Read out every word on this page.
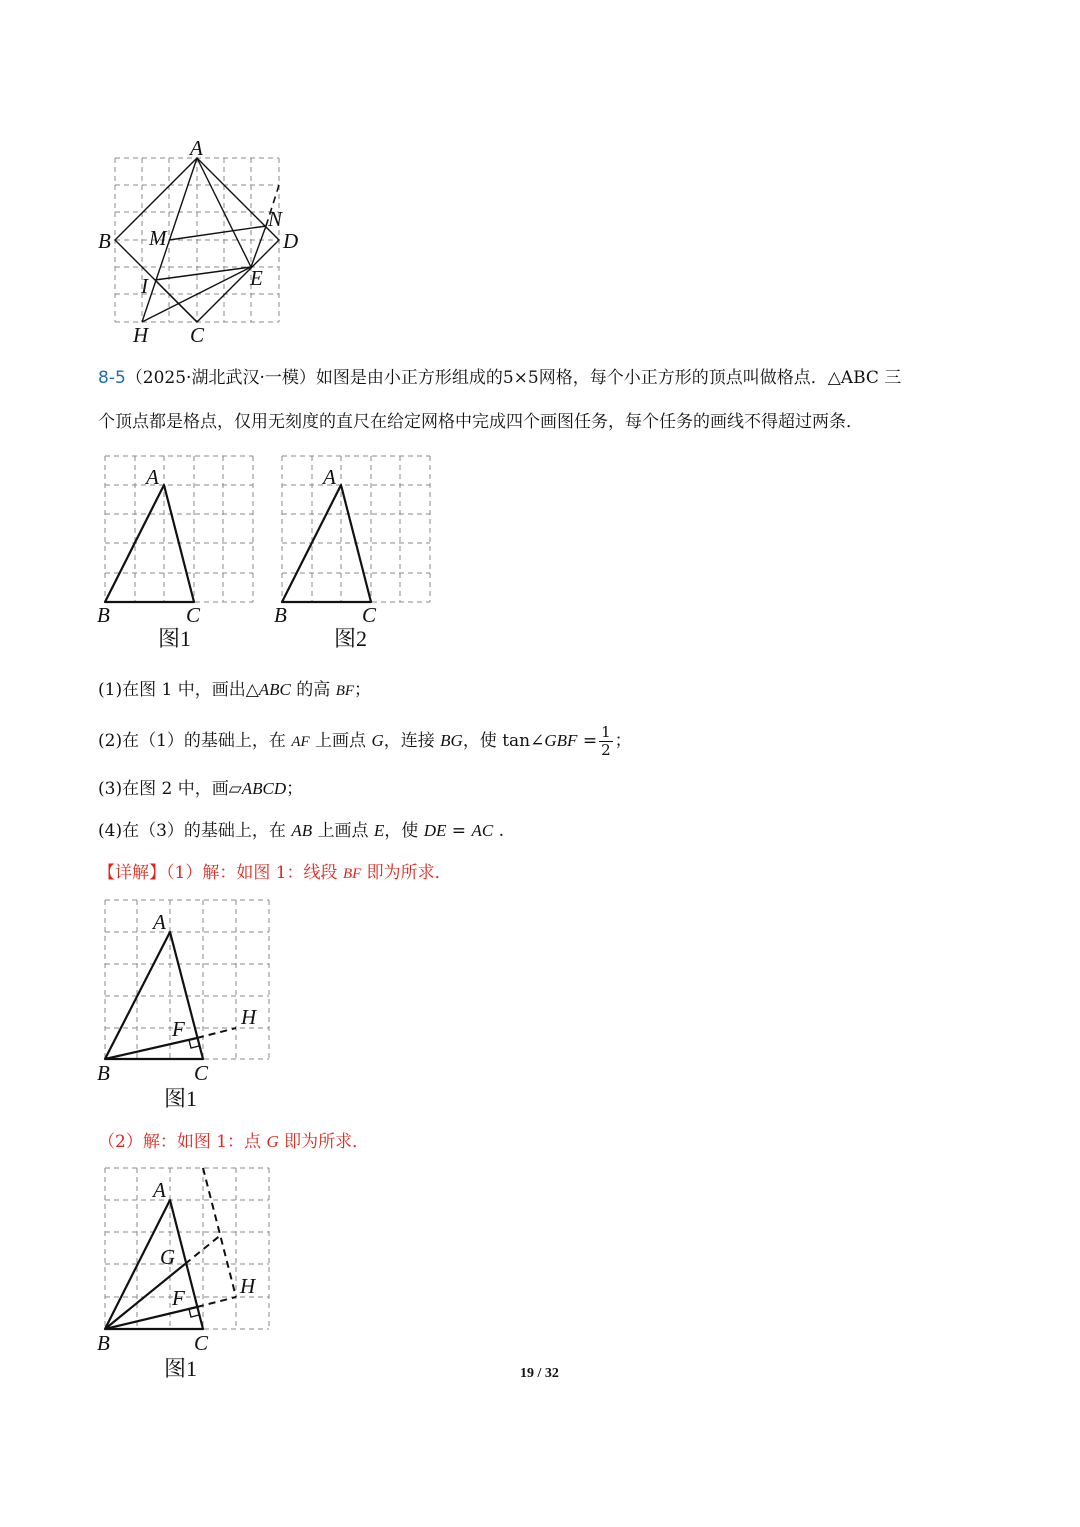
A
B	D
N
M
E
I
H C
8-5（2025·湖北武汉·一模）如图是由小正方形组成的5×5网格，每个小正方形的顶点叫做格点．△ABC 三
个顶点都是格点，仅用无刻度的直尺在给定网格中完成四个画图任务，每个任务的画线不得超过两条．
A
B	C
图1
A
B	C
图2
(1)在图 1 中，画出△ABC 的高 BF；
(2)在（1）的基础上，在 AF 上画点 G，连接 BG，使 tan∠GBF = $\frac{1}{2}$ ；
(3)在图 2 中，画▱ABCD；
(4)在（3）的基础上，在 AB 上画点 E，使 DE = AC .
【详解】（1）解：如图 1：线段 BF 即为所求．
A
B	C
F	H
图1
（2）解：如图 1：点 G 即为所求．
A
B	C
G
F	H
图1	19 / 32
